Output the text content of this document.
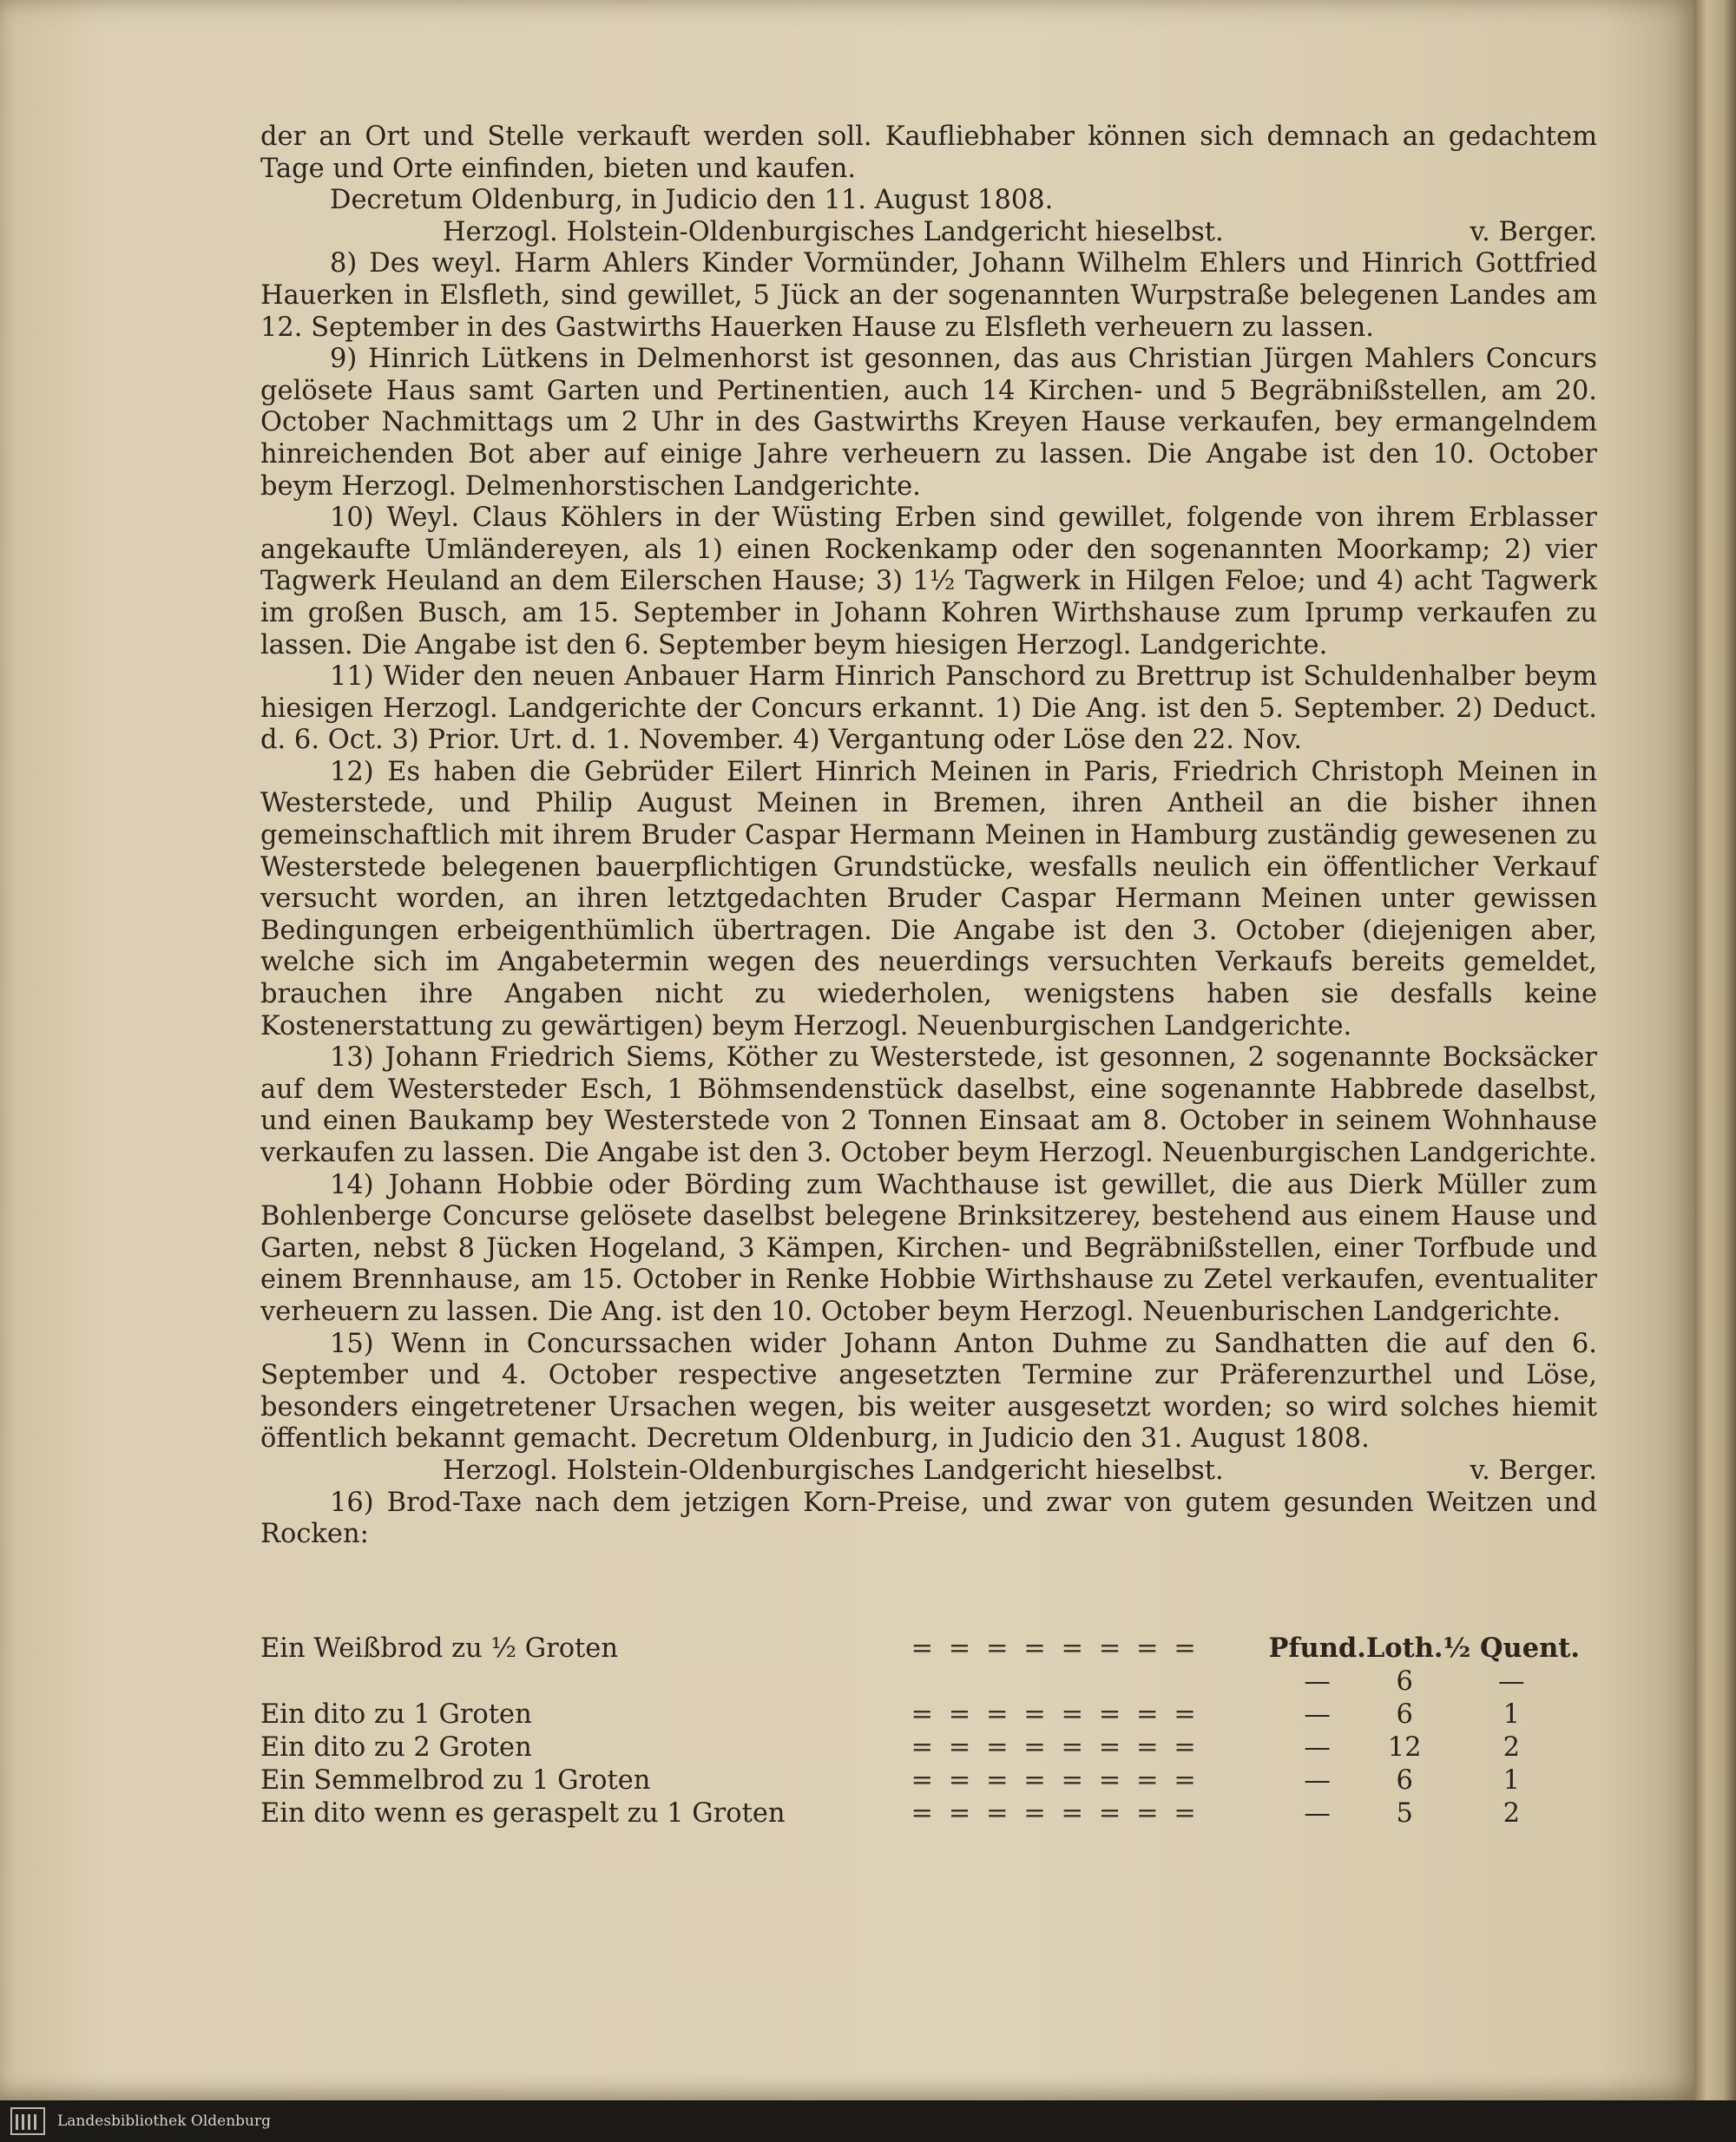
der an Ort und Stelle verkauft werden soll. Kaufliebhaber können sich demnach an gedachtem Tage und Orte einfinden, bieten und kaufen.

Decretum Oldenburg, in Judicio den 11. August 1808.

Herzogl. Holstein-Oldenburgisches Landgericht hieselbst.	v. Berger.

8) Des weyl. Harm Ahlers Kinder Vormünder, Johann Wilhelm Ehlers und Hinrich Gottfried Hauerken in Elsfleth, sind gewillet, 5 Jück an der sogenannten Wurpstraße belegenen Landes am 12. September in des Gastwirths Hauerken Hause zu Elsfleth verheuern zu lassen.

9) Hinrich Lütkens in Delmenhorst ist gesonnen, das aus Christian Jürgen Mahlers Concurs gelösete Haus samt Garten und Pertinentien, auch 14 Kirchen- und 5 Begräbnißstellen, am 20. October Nachmittags um 2 Uhr in des Gastwirths Kreyen Hause verkaufen, bey ermangelndem hinreichenden Bot aber auf einige Jahre verheuern zu lassen. Die Angabe ist den 10. October beym Herzogl. Delmenhorstischen Landgerichte.

10) Weyl. Claus Köhlers in der Wüsting Erben sind gewillet, folgende von ihrem Erblasser angekaufte Umländereyen, als 1) einen Rockenkamp oder den sogenannten Moorkamp; 2) vier Tagwerk Heuland an dem Eilerschen Hause; 3) 1½ Tagwerk in Hilgen Feloe; und 4) acht Tagwerk im großen Busch, am 15. September in Johann Kohren Wirthshause zum Iprump verkaufen zu lassen. Die Angabe ist den 6. September beym hiesigen Herzogl. Landgerichte.

11) Wider den neuen Anbauer Harm Hinrich Panschord zu Brettrup ist Schuldenhalber beym hiesigen Herzogl. Landgerichte der Concurs erkannt. 1) Die Ang. ist den 5. September. 2) Deduct. d. 6. Oct. 3) Prior. Urt. d. 1. November. 4) Vergantung oder Löse den 22. Nov.

12) Es haben die Gebrüder Eilert Hinrich Meinen in Paris, Friedrich Christoph Meinen in Westerstede, und Philip August Meinen in Bremen, ihren Antheil an die bisher ihnen gemeinschaftlich mit ihrem Bruder Caspar Hermann Meinen in Hamburg zuständig gewesenen zu Westerstede belegenen bauerpflichtigen Grundstücke, wesfalls neulich ein öffentlicher Verkauf versucht worden, an ihren letztgedachten Bruder Caspar Hermann Meinen unter gewissen Bedingungen erbeigenthümlich übertragen. Die Angabe ist den 3. October (diejenigen aber, welche sich im Angabetermin wegen des neuerdings versuchten Verkaufs bereits gemeldet, brauchen ihre Angaben nicht zu wiederholen, wenigstens haben sie desfalls keine Kostenerstattung zu gewärtigen) beym Herzogl. Neuenburgischen Landgerichte.

13) Johann Friedrich Siems, Köther zu Westerstede, ist gesonnen, 2 sogenannte Bocksäcker auf dem Westersteder Esch, 1 Böhmsendenstück daselbst, eine sogenannte Habbrede daselbst, und einen Baukamp bey Westerstede von 2 Tonnen Einsaat am 8. October in seinem Wohnhause verkaufen zu lassen. Die Angabe ist den 3. October beym Herzogl. Neuenburgischen Landgerichte.

14) Johann Hobbie oder Börding zum Wachthause ist gewillet, die aus Dierk Müller zum Bohlenberge Concurse gelösete daselbst belegene Brinksitzerey, bestehend aus einem Hause und Garten, nebst 8 Jücken Hogeland, 3 Kämpen, Kirchen- und Begräbnißstellen, einer Torfbude und einem Brennhause, am 15. October in Renke Hobbie Wirthshause zu Zetel verkaufen, eventualiter verheuern zu lassen. Die Ang. ist den 10. October beym Herzogl. Neuenburischen Landgerichte.

15) Wenn in Concurssachen wider Johann Anton Duhme zu Sandhatten die auf den 6. September und 4. October respective angesetzten Termine zur Präferenzurthel und Löse, besonders eingetretener Ursachen wegen, bis weiter ausgesetzt worden; so wird solches hiemit öffentlich bekannt gemacht. Decretum Oldenburg, in Judicio den 31. August 1808.

Herzogl. Holstein-Oldenburgisches Landgericht hieselbst.	v. Berger.

16) Brod-Taxe nach dem jetzigen Korn-Preise, und zwar von gutem gesunden Weitzen und Rocken:

Ein Weißbrod zu ½ Groten	= = = = = = = =	Pfund.	Loth.	½ Quent.
		—	6	—
Ein dito zu 1 Groten	= = = = = = = =	—	6	1
Ein dito zu 2 Groten	= = = = = = = =	—	12	2
Ein Semmelbrod zu 1 Groten	= = = = = = = =	—	6	1
Ein dito wenn es geraspelt zu 1 Groten	= = = = = = = =	—	5	2
Landesbibliothek Oldenburg
